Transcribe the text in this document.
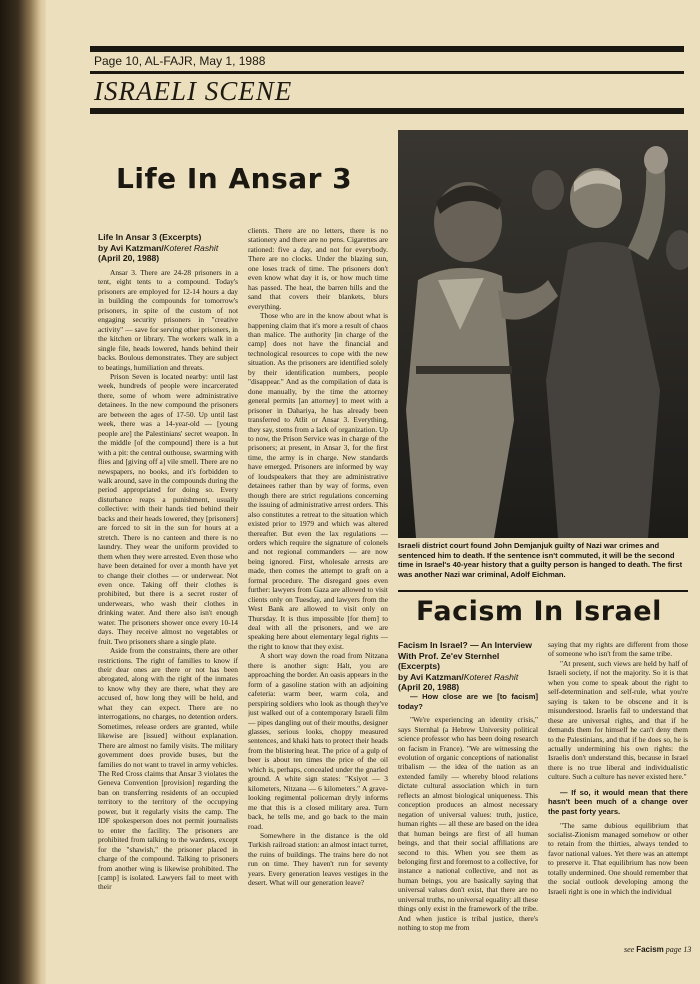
Page 10, AL-FAJR, May 1, 1988
ISRAELI SCENE
Life In Ansar 3
Life In Ansar 3 (Excerpts)
by Avi Katzman/Koteret Rashit (April 20, 1988)

Ansar 3. There are 24-28 prisoners in a tent, eight tents to a compound. Today's prisoners are employed for 12-14 hours a day in building the compounds for tomorrow's prisoners, in spite of the custom of not engaging security prisoners in "creative activity" — save for serving other prisoners, in the kitchen or library. The workers walk in a single file, heads lowered, hands behind their backs. Boulous demonstrates. They are subject to beatings, humiliation and threats.

Prison Seven is located nearby: until last week, hundreds of people were incarcerated there, some of whom were administrative detainees. In the new compound the prisoners are between the ages of 17-50. Up until last week, there was a 14-year-old — [young people are] the Palestinians' secret weapon. In the middle [of the compound] there is a hut with a pit: the central outhouse, swarming with flies and [giving off a] vile smell. There are no newspapers, no books, and it's forbidden to walk around, save in the compounds during the period appropriated for doing so. Every disturbance reaps a punishment, usually collective: with their hands tied behind their backs and their heads lowered, they [prisoners] are forced to sit in the sun for hours at a stretch. There is no canteen and there is no laundry. They wear the uniform provided to them when they were arrested. Even those who have been detained for over a month have yet to change their clothes — or underwear. Not even once. Taking off their clothes is prohibited, but there is a secret roster of underwears, who wash their clothes in drinking water. And there also isn't enough water. The prisoners shower once every 10-14 days. They receive almost no vegetables or fruit. Two prisoners share a single plate.

Aside from the constraints, there are other restrictions. The right of families to know if their dear ones are there or not has been abrogated, along with the right of the inmates to know why they are there, what they are accused of, how long they will be held, and what they can expect. There are no interrogations, no charges, no detention orders. Sometimes, release orders are granted, while likewise are [issued] without explanation. There are almost no family visits. The military government does provide buses, but the families do not want to travel in army vehicles. The Red Cross claims that Ansar 3 violates the Geneva Convention [provision] regarding the ban on transferring residents of an occupied territory to the territory of the occupying power, but it regularly visits the camp. The IDF spokesperson does not permit journalists to enter the facility. The prisoners are prohibited from talking to the wardens, except for the "shawish," the prisoner placed in charge of the compound. Talking to prisoners from another wing is likewise prohibited. The [camp] is isolated. Lawyers fail to meet with their

clients. There are no letters, there is no stationery and there are no pens. Cigarettes are rationed: five a day, and not for everybody. There are no clocks. Under the blazing sun, one loses track of time. The prisoners don't even know what day it is, or how much time has passed. The heat, the barren hills and the sand that covers their blankets, blurs everything.

Those who are in the know about what is happening claim that it's more a result of chaos than malice. The authority [in charge of the camp] does not have the financial and technological resources to cope with the new situation. As the prisoners are identified solely by their identification numbers, people "disappear." And as the compilation of data is done manually, by the time the attorney general permits [an attorney] to meet with a prisoner in Dahariya, he has already been transferred to Atlit or Ansar 3. Everything, they say, stems from a lack of organization. Up to now, the Prison Service was in charge of the prisoners; at present, in Ansar 3, for the first time, the army is in charge. New standards have emerged. Prisoners are informed by way of loudspeakers that they are administrative detainees rather than by way of forms, even though there are strict regulations concerning the issuing of administrative arrest orders. This also constitutes a retreat to the situation which existed prior to 1979 and which was altered thereafter. But even the lax regulations — orders which require the signature of colonels and not regional commanders — are now being ignored. First, wholesale arrests are made, then comes the attempt to graft on a formal procedure. The disregard goes even further: lawyers from Gaza are allowed to visit clients only on Tuesday, and lawyers from the West Bank are allowed to visit only on Thursday. It is thus impossible [for them] to deal with all the prisoners, and we are speaking here about elementary legal rights — the right to know that they exist.

A short way down the road from Nitzana there is another sign: Halt, you are approaching the border. An oasis appears in the form of a gasoline station with an adjoining cafeteria: warm beer, warm cola, and perspiring soldiers who look as though they've just walked out of a contemporary Israeli film — pipes dangling out of their mouths, designer glasses, serious looks, choppy measured sentences, and khaki hats to protect their heads from the blistering heat. The price of a gulp of beer is about ten times the price of the oil which is, perhaps, concealed under the gnarled ground. A white sign states: "Ksiyot — 3 kilometers, Nitzana — 6 kilometers." A grave-looking regimental policeman dryly informs me that this is a closed military area. Turn back, he tells me, and go back to the main road.

Somewhere in the distance is the old Turkish railroad station: an almost intact turret, the ruins of buildings. The trains here do not run on time. They haven't run for seventy years. Every generation leaves vestiges in the desert. What will our generation leave?

Israeli district court found John Demjanjuk guilty of Nazi war crimes and sentenced him to death. If the sentence isn't commuted, it will be the second time in Israel's 40-year history that a guilty person is hanged to death. The first was another Nazi war criminal, Adolf Eichman.
Facism In Israel
Facism In Israel? — An Interview With Prof. Ze'ev Sternhel (Excerpts)
by Avi Katzman/Koteret Rashit (April 20, 1988)

— How close are we [to facism] today?

"We're experiencing an identity crisis," says Sternhal (a Hebrew University political science professor who has been doing research on facism in France). "We are witnessing the evolution of organic conceptions of nationalist tribalism — the idea of the nation as an extended family — whereby blood relations dictate cultural association which in turn reflects an almost biological uniqueness. This conception produces an almost necessary negation of universal values: truth, justice, human rights — all these are based on the idea that human beings are first of all human beings, and that their social affiliations are second to this. When you see them as belonging first and foremost to a collective, for instance a national collective, and not as human beings, you are basically saying that universal values don't exist, that there are no universal truths, no universal equality: all these things only exist in the framework of the tribe. And when justice is tribal justice, there's nothing to stop me from

saying that my rights are different from those of someone who isn't from the same tribe.

"At present, such views are held by half of Israeli society, if not the majority. So it is that when you come to speak about the right to self-determination and self-rule, what you're saying is taken to be obscene and it is misunderstood. Israelis fail to understand that these are universal rights, and that if he demands them for himself he can't deny them to the Palestinians, and that if he does so, he is actually undermining his own rights: the Israelis don't understand this, because in Israel there is no true liberal and individualistic culture. Such a culture has never existed here."

— If so, it would mean that there hasn't been much of a change over the past forty years.

"The same dubious equilibrium that socialist-Zionism managed somehow or other to retain from the thirties, always tended to favor national values. Yet there was an attempt to preserve it. That equilibrium has now been totally undermined. One should remember that the social outlook developing among the Israeli right is one in which the individual

see Facism page 13
